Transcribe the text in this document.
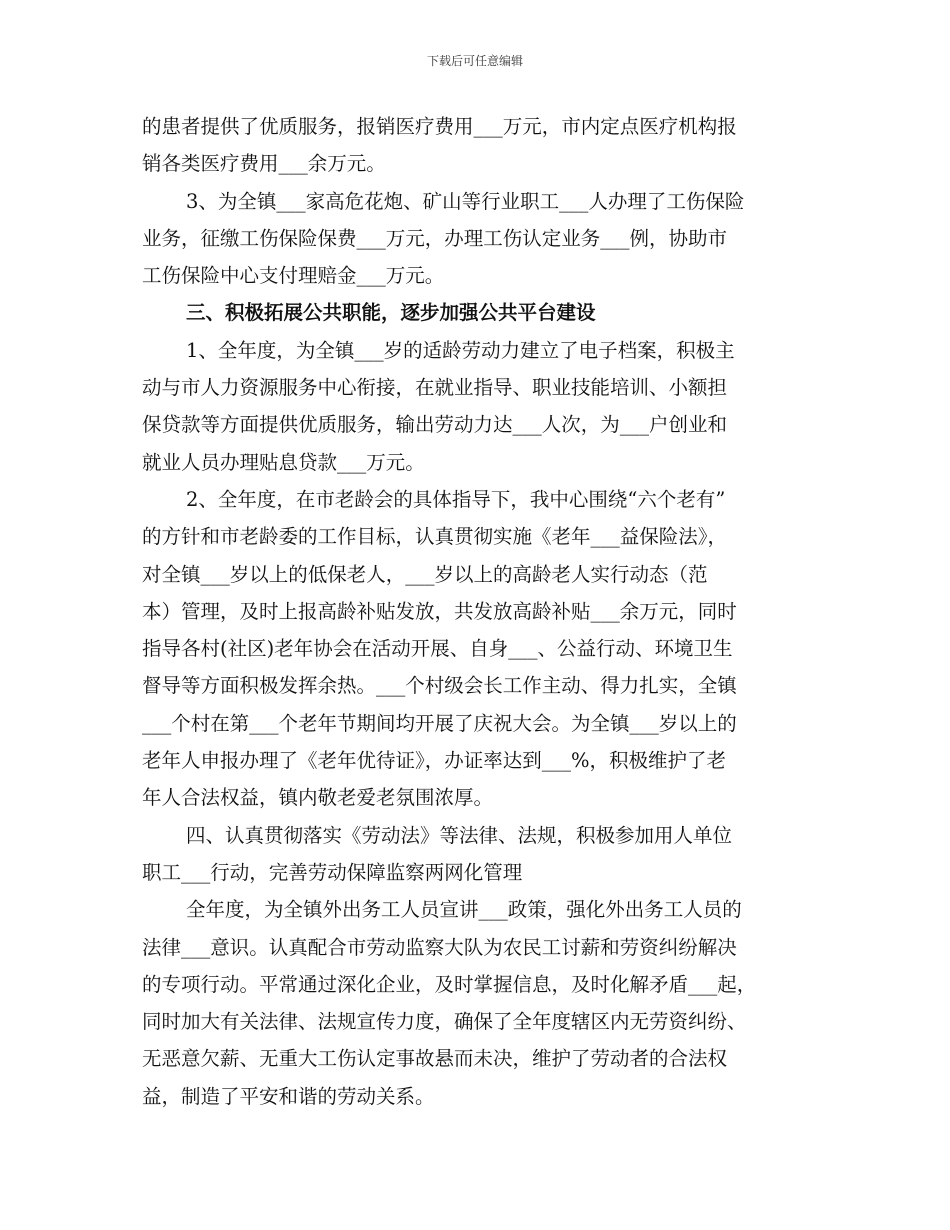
下载后可任意编辑
的患者提供了优质服务，报销医疗费用___万元，市内定点医疗机构报
销各类医疗费用___余万元。
3、为全镇___家高危花炮、矿山等行业职工___人办理了工伤保险
业务，征缴工伤保险保费___万元，办理工伤认定业务___例，协助市
工伤保险中心支付理赔金___万元。
三、积极拓展公共职能，逐步加强公共平台建设
1、全年度，为全镇___岁的适龄劳动力建立了电子档案，积极主
动与市人力资源服务中心衔接，在就业指导、职业技能培训、小额担
保贷款等方面提供优质服务，输出劳动力达___人次，为___户创业和
就业人员办理贴息贷款___万元。
2、全年度，在市老龄会的具体指导下，我中心围绕“六个老有”
的方针和市老龄委的工作目标，认真贯彻实施《老年___益保险法》，
对全镇___岁以上的低保老人，___岁以上的高龄老人实行动态（范
本）管理，及时上报高龄补贴发放，共发放高龄补贴___余万元，同时
指导各村(社区)老年协会在活动开展、自身___、公益行动、环境卫生
督导等方面积极发挥余热。___个村级会长工作主动、得力扎实，全镇
___个村在第___个老年节期间均开展了庆祝大会。为全镇___岁以上的
老年人申报办理了《老年优待证》，办证率达到___%，积极维护了老
年人合法权益，镇内敬老爱老氛围浓厚。
四、认真贯彻落实《劳动法》等法律、法规，积极参加用人单位
职工___行动，完善劳动保障监察两网化管理
全年度，为全镇外出务工人员宣讲___政策，强化外出务工人员的
法律___意识。认真配合市劳动监察大队为农民工讨薪和劳资纠纷解决
的专项行动。平常通过深化企业，及时掌握信息，及时化解矛盾___起，
同时加大有关法律、法规宣传力度，确保了全年度辖区内无劳资纠纷、
无恶意欠薪、无重大工伤认定事故悬而未决，维护了劳动者的合法权
益，制造了平安和谐的劳动关系。
